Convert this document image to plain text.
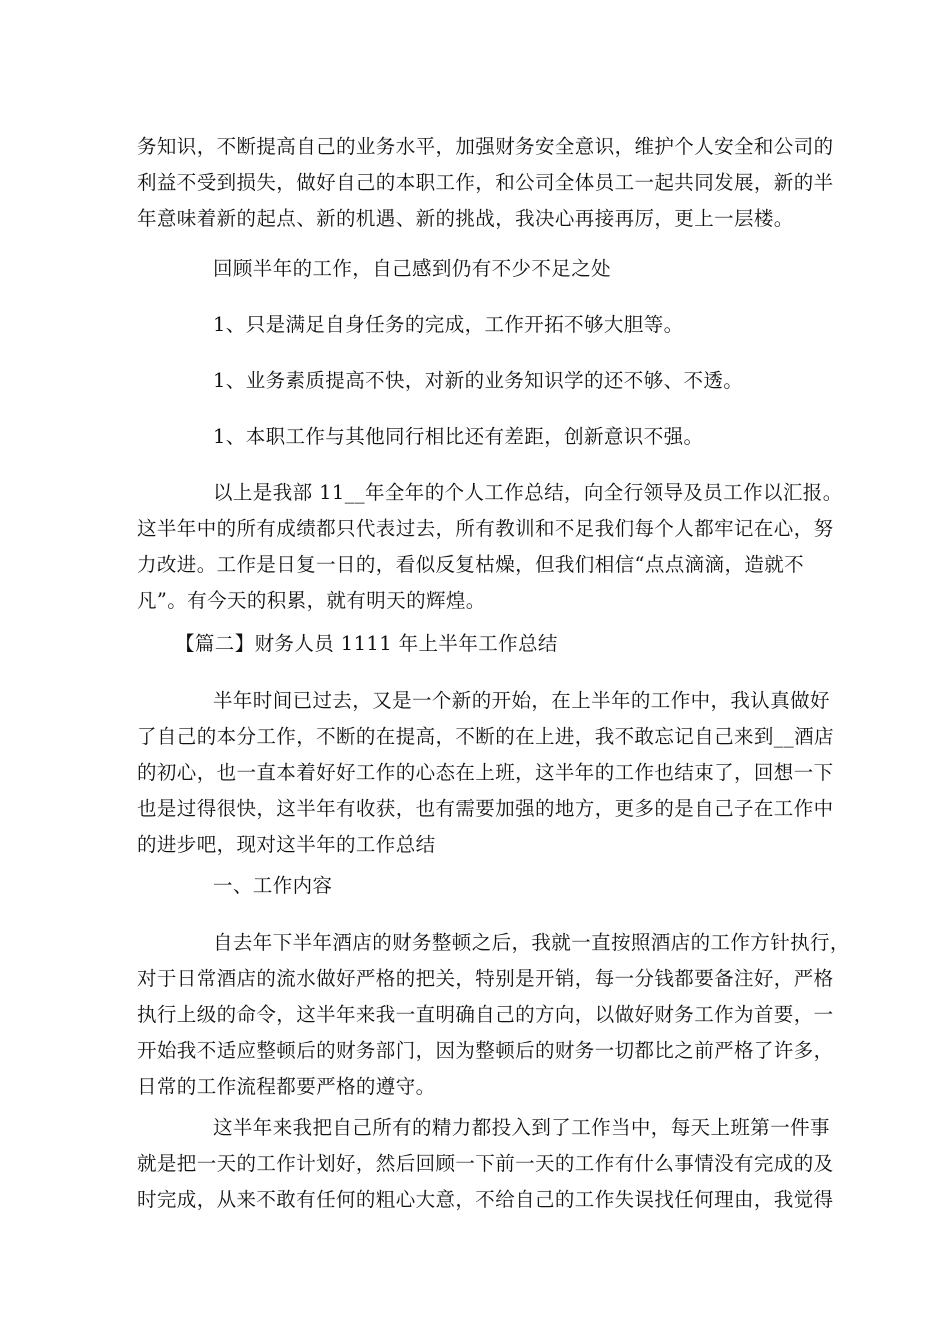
务知识，不断提高自己的业务水平，加强财务安全意识，维护个人安全和公司的
利益不受到损失，做好自己的本职工作，和公司全体员工一起共同发展，新的半
年意味着新的起点、新的机遇、新的挑战，我决心再接再厉，更上一层楼。
回顾半年的工作，自己感到仍有不少不足之处
1、只是满足自身任务的完成，工作开拓不够大胆等。
1、业务素质提高不快，对新的业务知识学的还不够、不透。
1、本职工作与其他同行相比还有差距，创新意识不强。
以上是我部 11__年全年的个人工作总结，向全行领导及员工作以汇报。
这半年中的所有成绩都只代表过去，所有教训和不足我们每个人都牢记在心，努
力改进。工作是日复一日的，看似反复枯燥，但我们相信“点点滴滴，造就不
凡”。有今天的积累，就有明天的辉煌。
【篇二】财务人员 1111 年上半年工作总结
半年时间已过去，又是一个新的开始，在上半年的工作中，我认真做好
了自己的本分工作，不断的在提高，不断的在上进，我不敢忘记自己来到__酒店
的初心，也一直本着好好工作的心态在上班，这半年的工作也结束了，回想一下
也是过得很快，这半年有收获，也有需要加强的地方，更多的是自己子在工作中
的进步吧，现对这半年的工作总结
一、工作内容
自去年下半年酒店的财务整顿之后，我就一直按照酒店的工作方针执行，
对于日常酒店的流水做好严格的把关，特别是开销，每一分钱都要备注好，严格
执行上级的命令，这半年来我一直明确自己的方向，以做好财务工作为首要，一
开始我不适应整顿后的财务部门，因为整顿后的财务一切都比之前严格了许多，
日常的工作流程都要严格的遵守。
这半年来我把自己所有的精力都投入到了工作当中，每天上班第一件事
就是把一天的工作计划好，然后回顾一下前一天的工作有什么事情没有完成的及
时完成，从来不敢有任何的粗心大意，不给自己的工作失误找任何理由，我觉得
